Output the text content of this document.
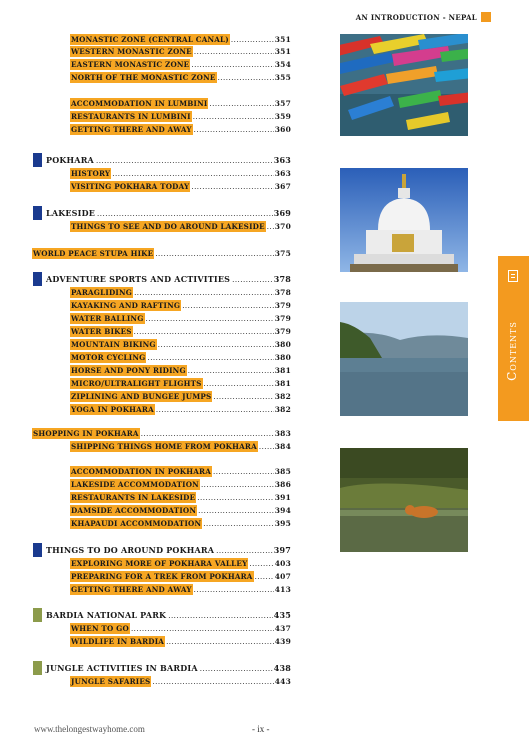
AN INTRODUCTION - NEPAL
MONASTIC ZONE (CENTRAL CANAL) .....	351
WESTERN MONASTIC ZONE .....	351
EASTERN MONASTIC ZONE .....	354
NORTH OF THE MONASTIC ZONE .....	355
ACCOMMODATION IN LUMBINI .....	357
RESTAURANTS IN LUMBINI .....	359
GETTING THERE AND AWAY .....	360
POKHARA .....	363
HISTORY .....	363
VISITING POKHARA TODAY .....	367
LAKESIDE .....	369
THINGS TO SEE AND DO AROUND LAKESIDE ..... 370
WORLD PEACE STUPA HIKE .....	375
ADVENTURE SPORTS AND ACTIVITIES .....	378
PARAGLIDING .....	378
KAYAKING AND RAFTING .....	379
WATER BALLING .....	379
WATER BIKES .....	379
MOUNTAIN BIKING .....	380
MOTOR CYCLING .....	380
HORSE AND PONY RIDING .....	381
MICRO/ULTRALIGHT FLIGHTS .....	381
ZIPLINING AND BUNGEE JUMPS .....	382
YOGA IN POKHARA .....	382
SHOPPING IN POKHARA .....	383
SHIPPING THINGS HOME FROM POKHARA ..... 384
ACCOMMODATION IN POKHARA .....	385
LAKESIDE ACCOMMODATION .....	386
RESTAURANTS IN LAKESIDE .....	391
DAMSIDE ACCOMMODATION .....	394
KHAPAUDI ACCOMMODATION .....	395
THINGS TO DO AROUND POKHARA .....	397
EXPLORING MORE OF POKHARA VALLEY .....	403
PREPARING FOR A TREK FROM POKHARA .....	407
GETTING THERE AND AWAY .....	413
BARDIA NATIONAL PARK .....	435
WHEN TO GO .....	437
WILDLIFE IN BARDIA .....	439
JUNGLE ACTIVITIES IN BARDIA .....	438
JUNGLE SAFARIES .....	443
Contents
www.thelongestwayhome.com	- ix -
